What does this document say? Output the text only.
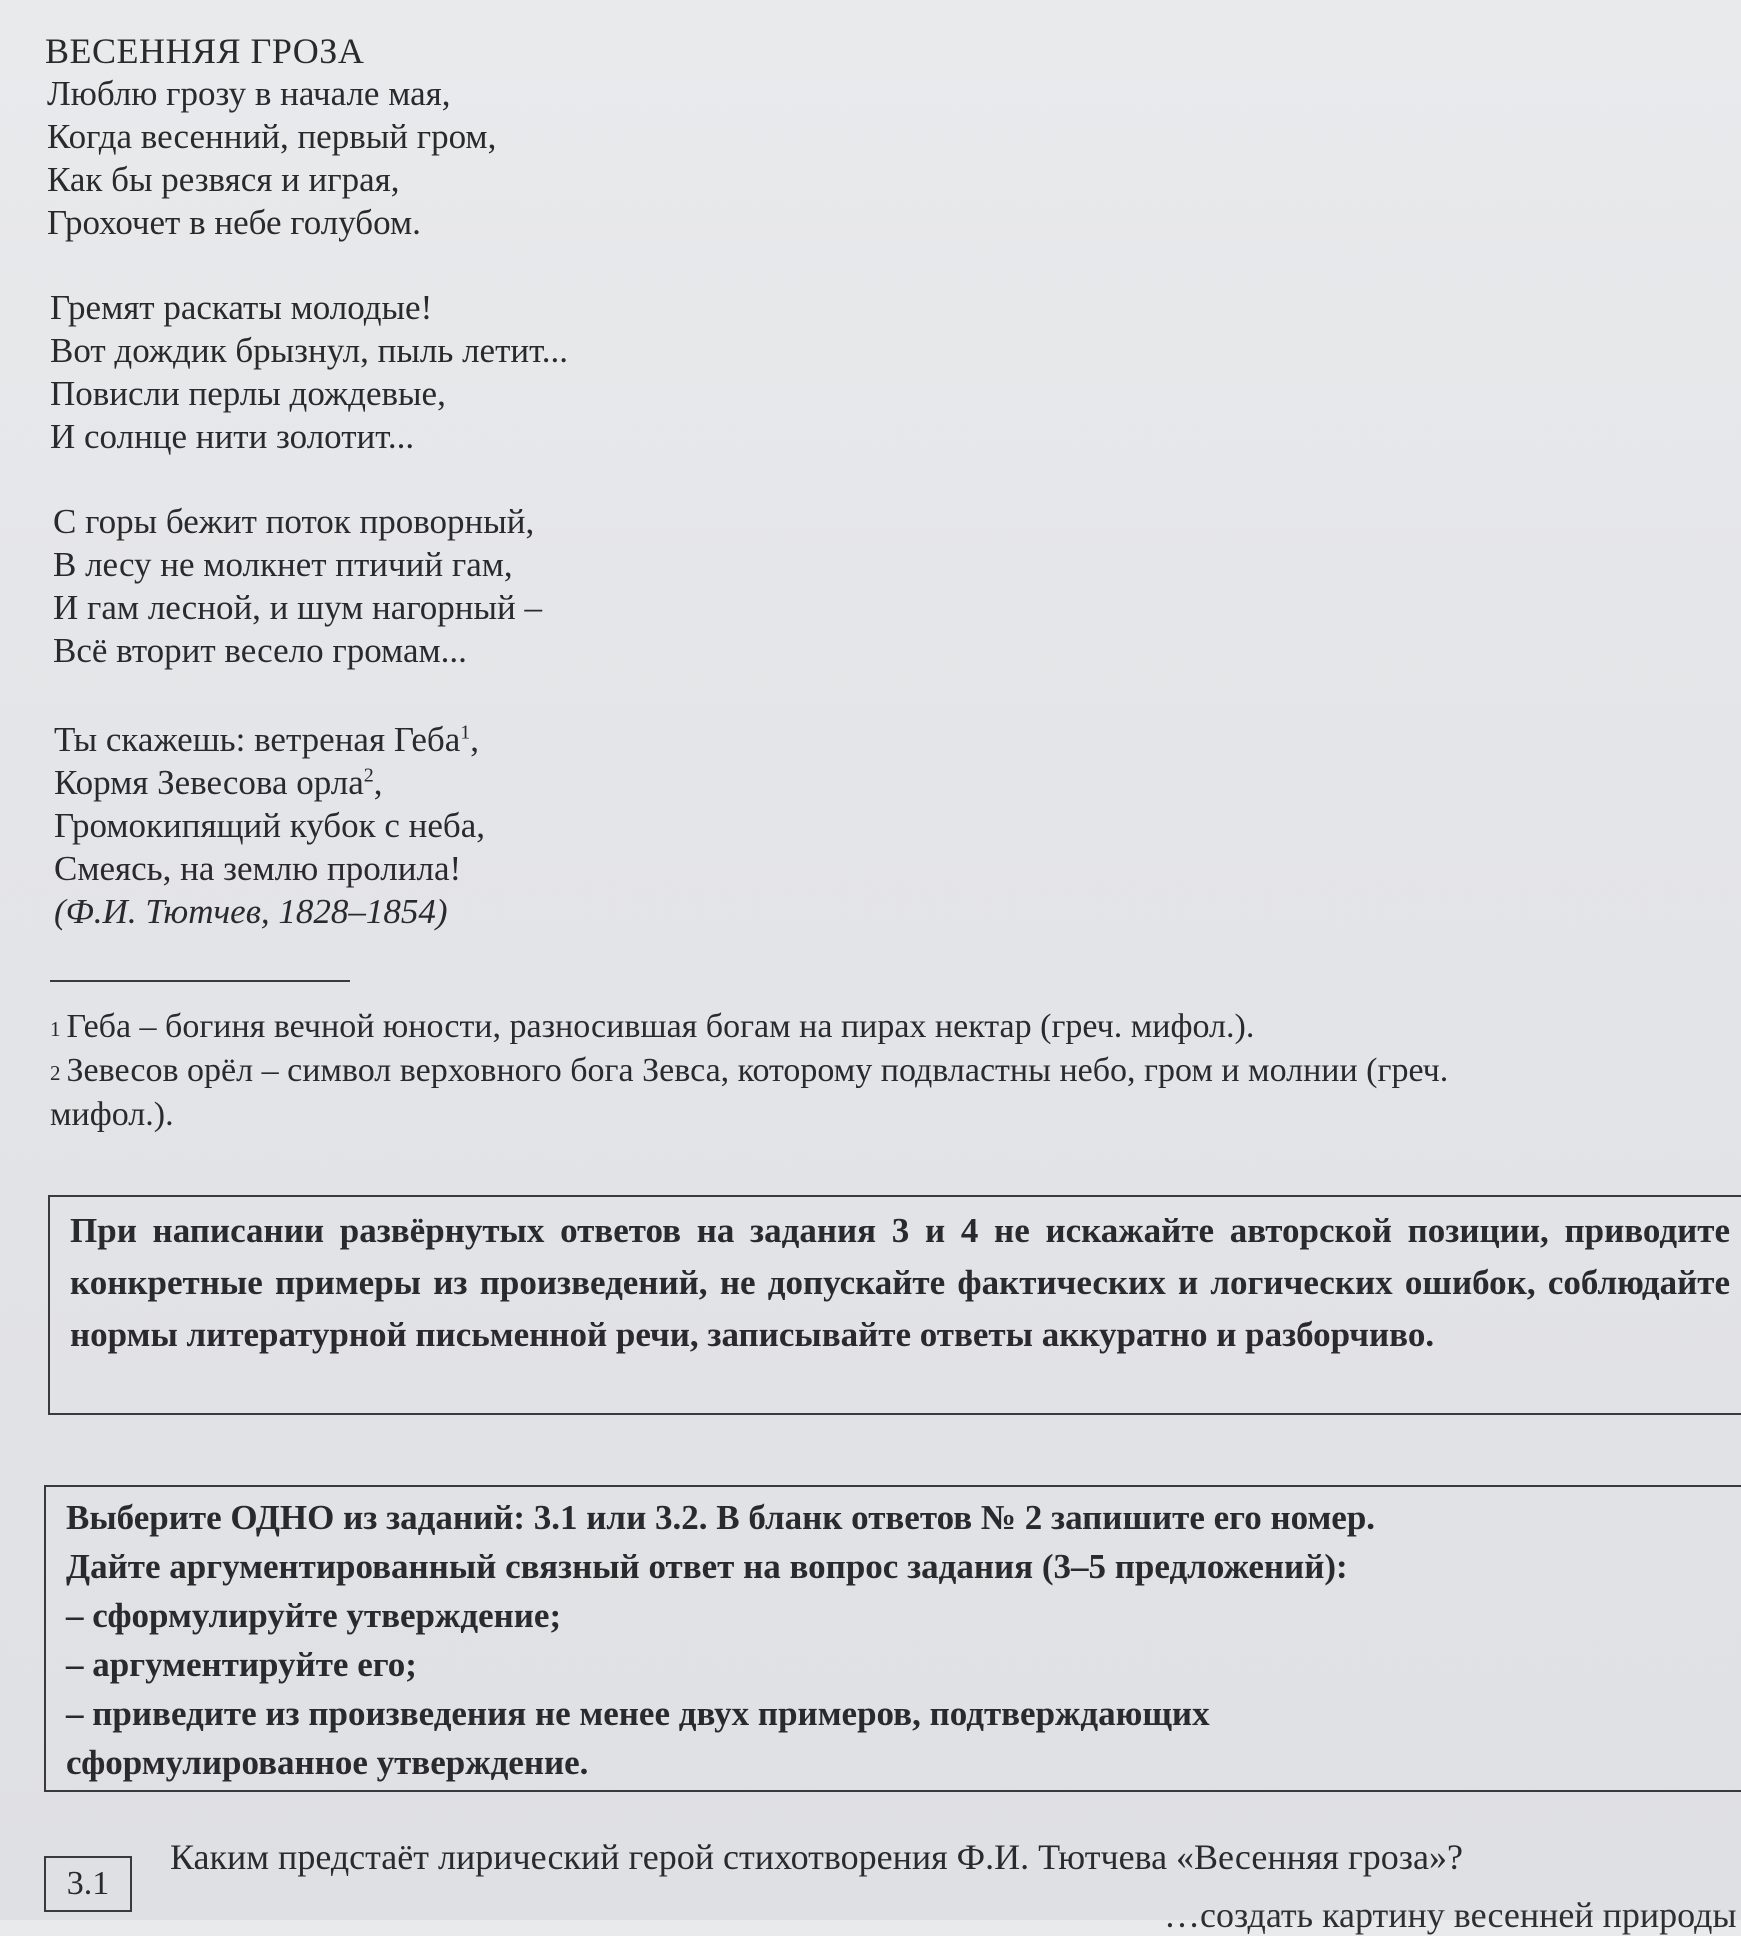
ВЕСЕННЯЯ ГРОЗА
Люблю грозу в начале мая,
Когда весенний, первый гром,
Как бы резвяся и играя,
Грохочет в небе голубом.
Гремят раскаты молодые!
Вот дождик брызнул, пыль летит...
Повисли перлы дождевые,
И солнце нити золотит...
С горы бежит поток проворный,
В лесу не молкнет птичий гам,
И гам лесной, и шум нагорный –
Всё вторит весело громам...
Ты скажешь: ветреная Геба$^1$,
Кормя Зевесова орла$^2$,
Громокипящий кубок с неба,
Смеясь, на землю пролила!
(Ф.И. Тютчев, 1828–1854)
$^1$ Геба – богиня вечной юности, разносившая богам на пирах нектар (греч. мифол.).
$^2$ Зевесов орёл – символ верховного бога Зевса, которому подвластны небо, гром и молнии (греч.
мифол.).
При написании развёрнутых ответов на задания 3 и 4 не искажайте авторской позиции, приводите конкретные примеры из произведений, не допускайте фактических и логических ошибок, соблюдайте нормы литературной письменной речи, записывайте ответы аккуратно и разборчиво.
Выберите ОДНО из заданий: 3.1 или 3.2. В бланк ответов № 2 запишите его номер.
Дайте аргументированный связный ответ на вопрос задания (3–5 предложений):
– сформулируйте утверждение;
– аргументируйте его;
– приведите из произведения не менее двух примеров, подтверждающих
сформулированное утверждение.
3.1
Каким предстаёт лирический герой стихотворения Ф.И. Тютчева «Весенняя гроза»?
…создать картину весенней природы
